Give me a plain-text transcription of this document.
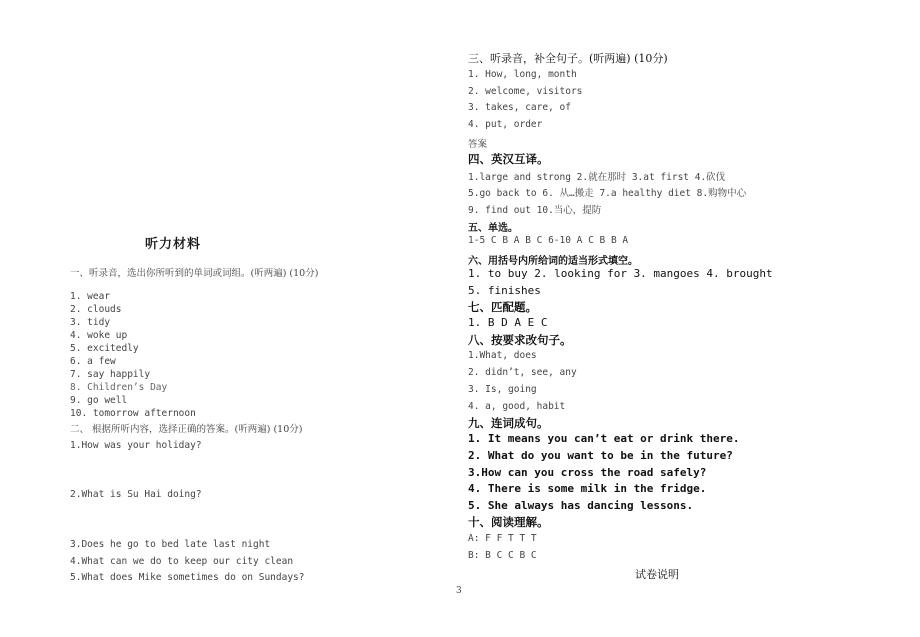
听力材料
一、听录音，选出你所听到的单词或词组。(听两遍) (10分)
1. wear
2. clouds
3. tidy
4. woke up
5. excitedly
6. a few
7. say happily
8. Children’s Day
9. go well
10. tomorrow afternoon
二、 根据所听内容，选择正确的答案。(听两遍) (10分)
1.How was your holiday?
2.What is Su Hai doing?
3.Does he go to bed late last night
4.What can we do to keep our city clean
5.What does Mike sometimes do on Sundays?
三、听录音，补全句子。(听两遍) (10分)
1. How, long, month
2. welcome, visitors
3. takes, care, of
4. put, order
答案
四、英汉互译。
1.large and strong 2.就在那时 3.at first 4.砍伐
5.go back to 6. 从…搬走 7.a healthy diet 8.购物中心
9. find out 10.当心，提防
五、单选。
1-5 C B A B C 6-10 A C B B A
六、用括号内所给词的适当形式填空。
1. to buy 2. looking for 3. mangoes 4. brought
5. finishes
七、匹配题。
1. B D A E C
八、按要求改句子。
1.What, does
2. didn’t, see, any
3. Is, going
4. a, good, habit
九、连词成句。
1. It means you can’t eat or drink there.
2. What do you want to be in the future?
3.How can you cross the road safely?
4. There is some milk in the fridge.
5. She always has dancing lessons.
十、阅读理解。
A: F F T T T
B: B C C B C
试卷说明
3
